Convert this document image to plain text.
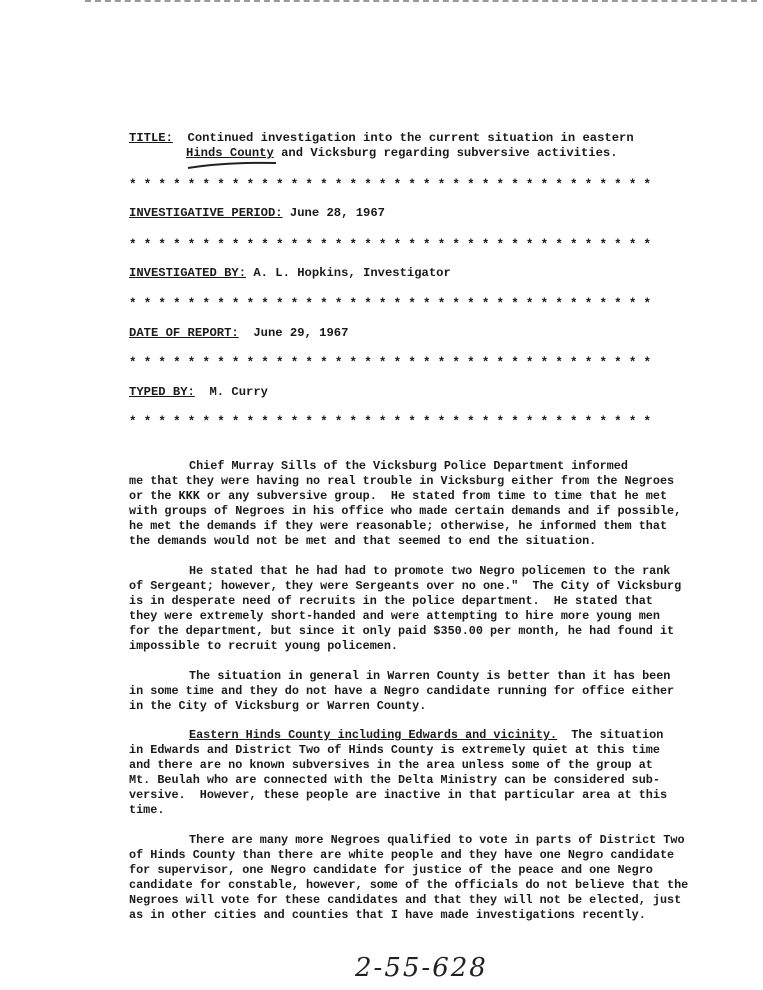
TITLE: Continued investigation into the current situation in eastern
Hinds County and Vicksburg regarding subversive activities.
************************************
INVESTIGATIVE PERIOD: June 28, 1967
************************************
INVESTIGATED BY: A. L. Hopkins, Investigator
************************************
DATE OF REPORT:  June 29, 1967
************************************
TYPED BY:  M. Curry
************************************
Chief Murray Sills of the Vicksburg Police Department informed
me that they were having no real trouble in Vicksburg either from the Negroes
or the KKK or any subversive group.  He stated from time to time that he met
with groups of Negroes in his office who made certain demands and if possible,
he met the demands if they were reasonable; otherwise, he informed them that
the demands would not be met and that seemed to end the situation.
He stated that he had had to promote two Negro policemen to the rank
of Sergeant; however, they were Sergeants over no one."  The City of Vicksburg
is in desperate need of recruits in the police department.  He stated that
they were extremely short-handed and were attempting to hire more young men
for the department, but since it only paid $350.00 per month, he had found it
impossible to recruit young policemen.
The situation in general in Warren County is better than it has been
in some time and they do not have a Negro candidate running for office either
in the City of Vicksburg or Warren County.
Eastern Hinds County including Edwards and vicinity.  The situation
in Edwards and District Two of Hinds County is extremely quiet at this time
and there are no known subversives in the area unless some of the group at
Mt. Beulah who are connected with the Delta Ministry can be considered sub-
versive.  However, these people are inactive in that particular area at this
time.
There are many more Negroes qualified to vote in parts of District Two
of Hinds County than there are white people and they have one Negro candidate
for supervisor, one Negro candidate for justice of the peace and one Negro
candidate for constable, however, some of the officials do not believe that the
Negroes will vote for these candidates and that they will not be elected, just
as in other cities and counties that I have made investigations recently.
2-55-628
